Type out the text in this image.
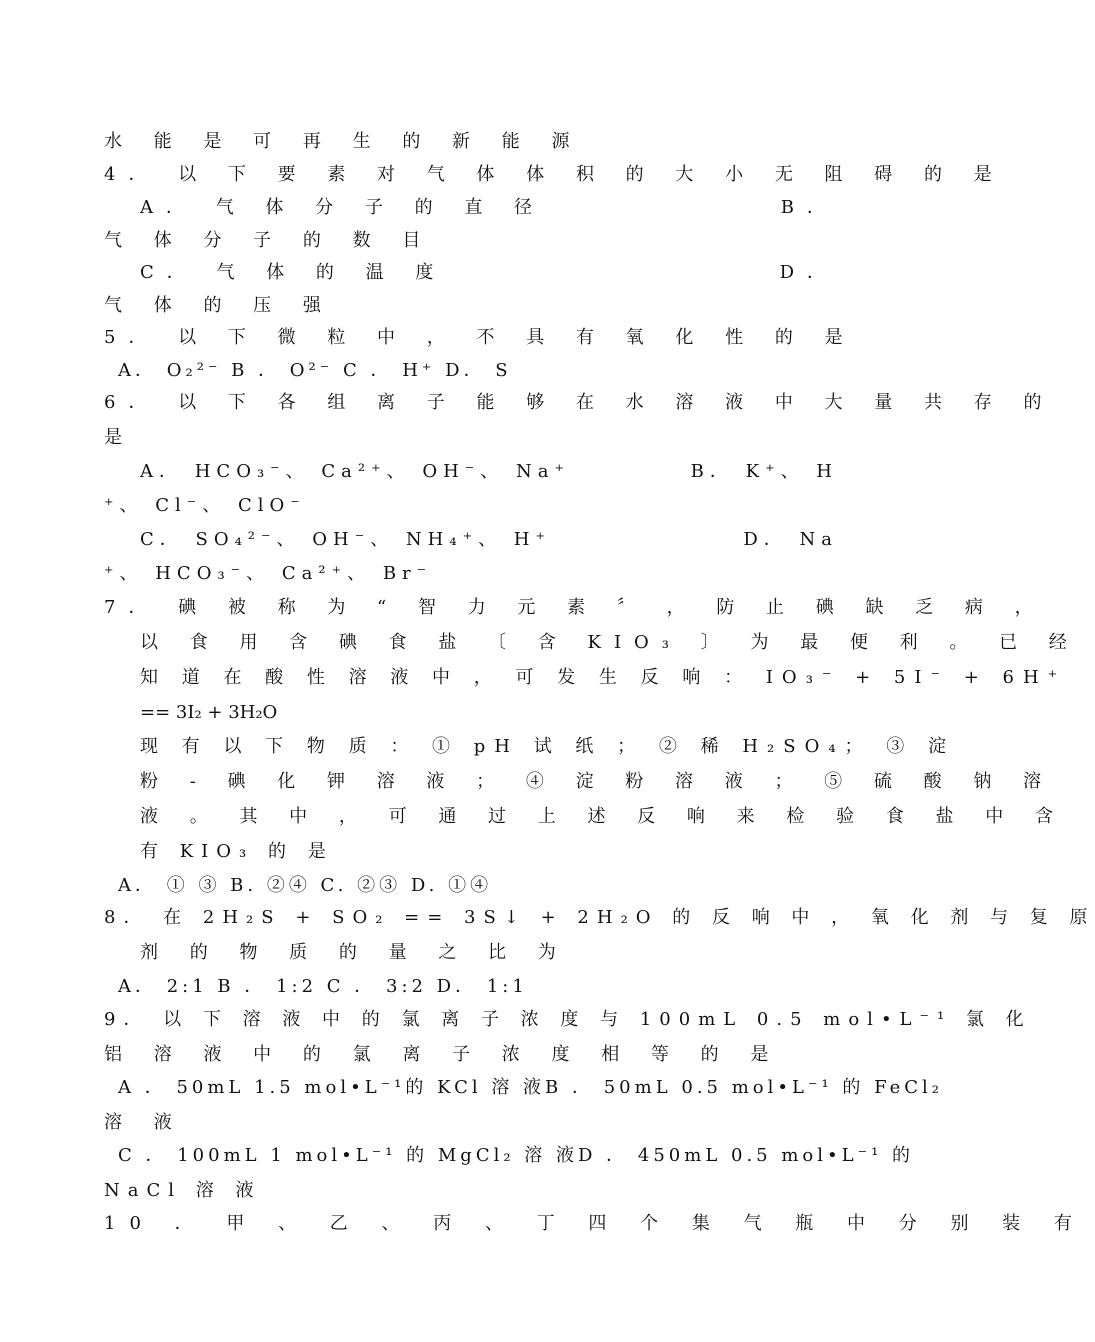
水 能 是 可 再 生 的 新 能 源
4． 以 下 要 素 对 气 体 体 积 的 大 小 无 阻 碍 的 是
A． 气 体 分 子 的 直 径	B．
气 体 分 子 的 数 目
C． 气 体 的 温 度	D．
气 体 的 压 强
5． 以 下 微 粒 中 ， 不 具 有 氧 化 性 的 是
A． O₂²⁻ B ． O²⁻ C ． H⁺ D． S
6． 以 下 各 组 离 子 能 够 在 水 溶 液 中 大 量 共 存 的
是
A． HCO₃⁻、 Ca²⁺、 OH⁻、 Na⁺	B． K⁺、 H
⁺、 Cl⁻、 ClO⁻
C． SO₄²⁻、 OH⁻、 NH₄⁺、 H⁺	D． Na
⁺、 HCO₃⁻、 Ca²⁺、 Br⁻
7． 碘 被 称 为 “ 智 力 元 素 〞 ， 防 止 碘 缺 乏 病 ，
以 食 用 含 碘 食 盐 〔 含 KIO₃ 〕 为 最 便 利 。 已 经
知 道 在 酸 性 溶 液 中 ， 可 发 生 反 响 ： IO₃⁻ + 5I⁻ + 6H⁺
== 3I₂ + 3H₂O
现 有 以 下 物 质 ： ① pH 试 纸 ； ② 稀 H₂SO₄； ③ 淀
粉 - 碘 化 钾 溶 液 ； ④ 淀 粉 溶 液 ； ⑤ 硫 酸 钠 溶
液 。 其 中 ， 可 通 过 上 述 反 响 来 检 验 食 盐 中 含
有 KIO₃ 的 是
A． ① ③ B. ②④ C. ②③ D. ①④
8． 在 2H₂S + SO₂ == 3S↓ + 2H₂O 的 反 响 中 ， 氧 化 剂 与 复 原
剂 的 物 质 的 量 之 比 为
A． 2:1 B ． 1:2 C ． 3:2 D． 1:1
9． 以 下 溶 液 中 的 氯 离 子 浓 度 与 100mL 0.5 mol•L⁻¹ 氯 化
铝 溶 液 中 的 氯 离 子 浓 度 相 等 的 是
A ． 50mL 1.5 mol•L⁻¹的 KCl 溶 液 B ． 50mL 0.5 mol•L⁻¹ 的 FeCl₂
溶 液
C ． 100mL 1 mol•L⁻¹ 的 MgCl₂ 溶 液 D ． 450mL 0.5 mol•L⁻¹ 的
NaCl 溶 液
10 ． 甲 、 乙 、 丙 、 丁 四 个 集 气 瓶 中 分 别 装 有
